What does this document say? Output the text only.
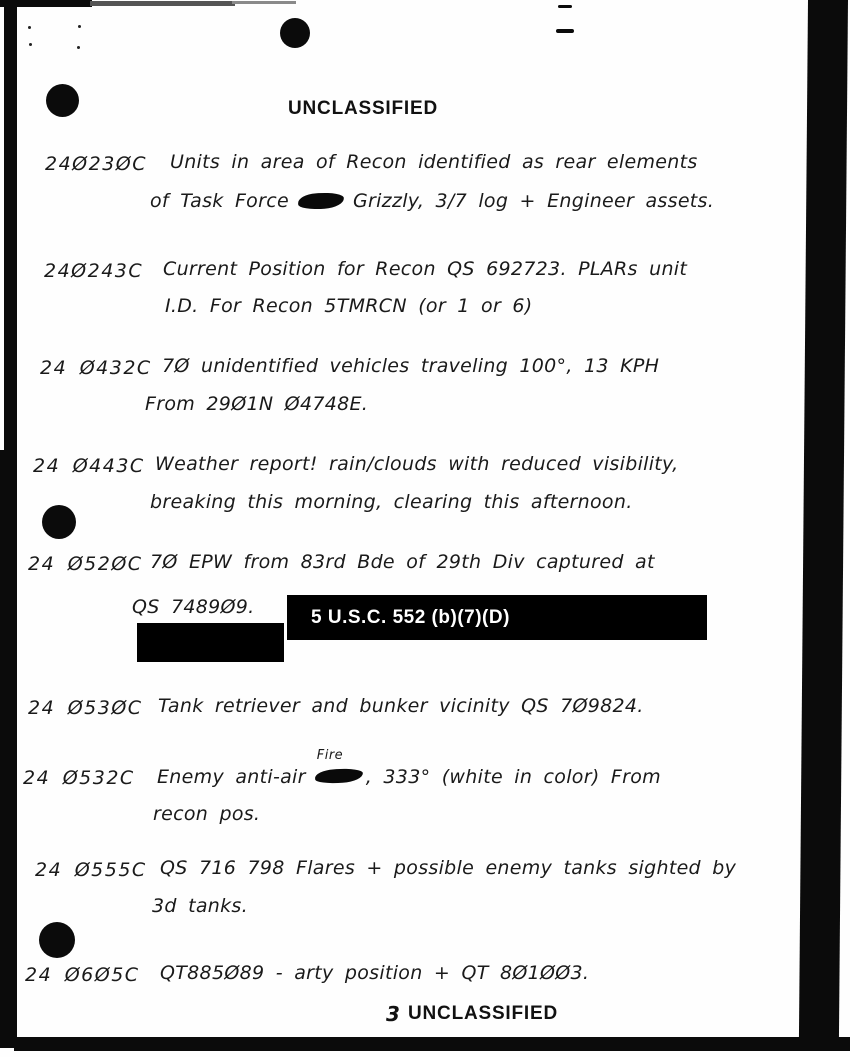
UNCLASSIFIED
24Ø23ØC Units in area of Recon identified as rear elements
of Task Force	Grizzly, 3/7 log + Engineer assets.
24Ø243C Current Position for Recon QS 692723. PLARs unit
I.D. For Recon 5TMRCN (or 1 or 6)
24 Ø432C 7Ø unidentified vehicles traveling 100°, 13 KPH
From 29Ø1N Ø4748E.
24 Ø443C Weather report! rain/clouds with reduced visibility,
breaking this morning, clearing this afternoon.
24 Ø52ØC 7Ø EPW from 83rd Bde of 29th Div captured at
QS 7489Ø9.	5 U.S.C. 552 (b)(7)(D)
24 Ø53ØC Tank retriever and bunker vicinity QS 7Ø9824.
24 Ø532C Enemy anti-air
Fire
, 333° (white in color) From
recon pos.
24 Ø555C QS 716 798 Flares + possible enemy tanks sighted by
3d tanks.
24 Ø6Ø5C QT885Ø89 - arty position + QT 8Ø1ØØ3.
3 UNCLASSIFIED
